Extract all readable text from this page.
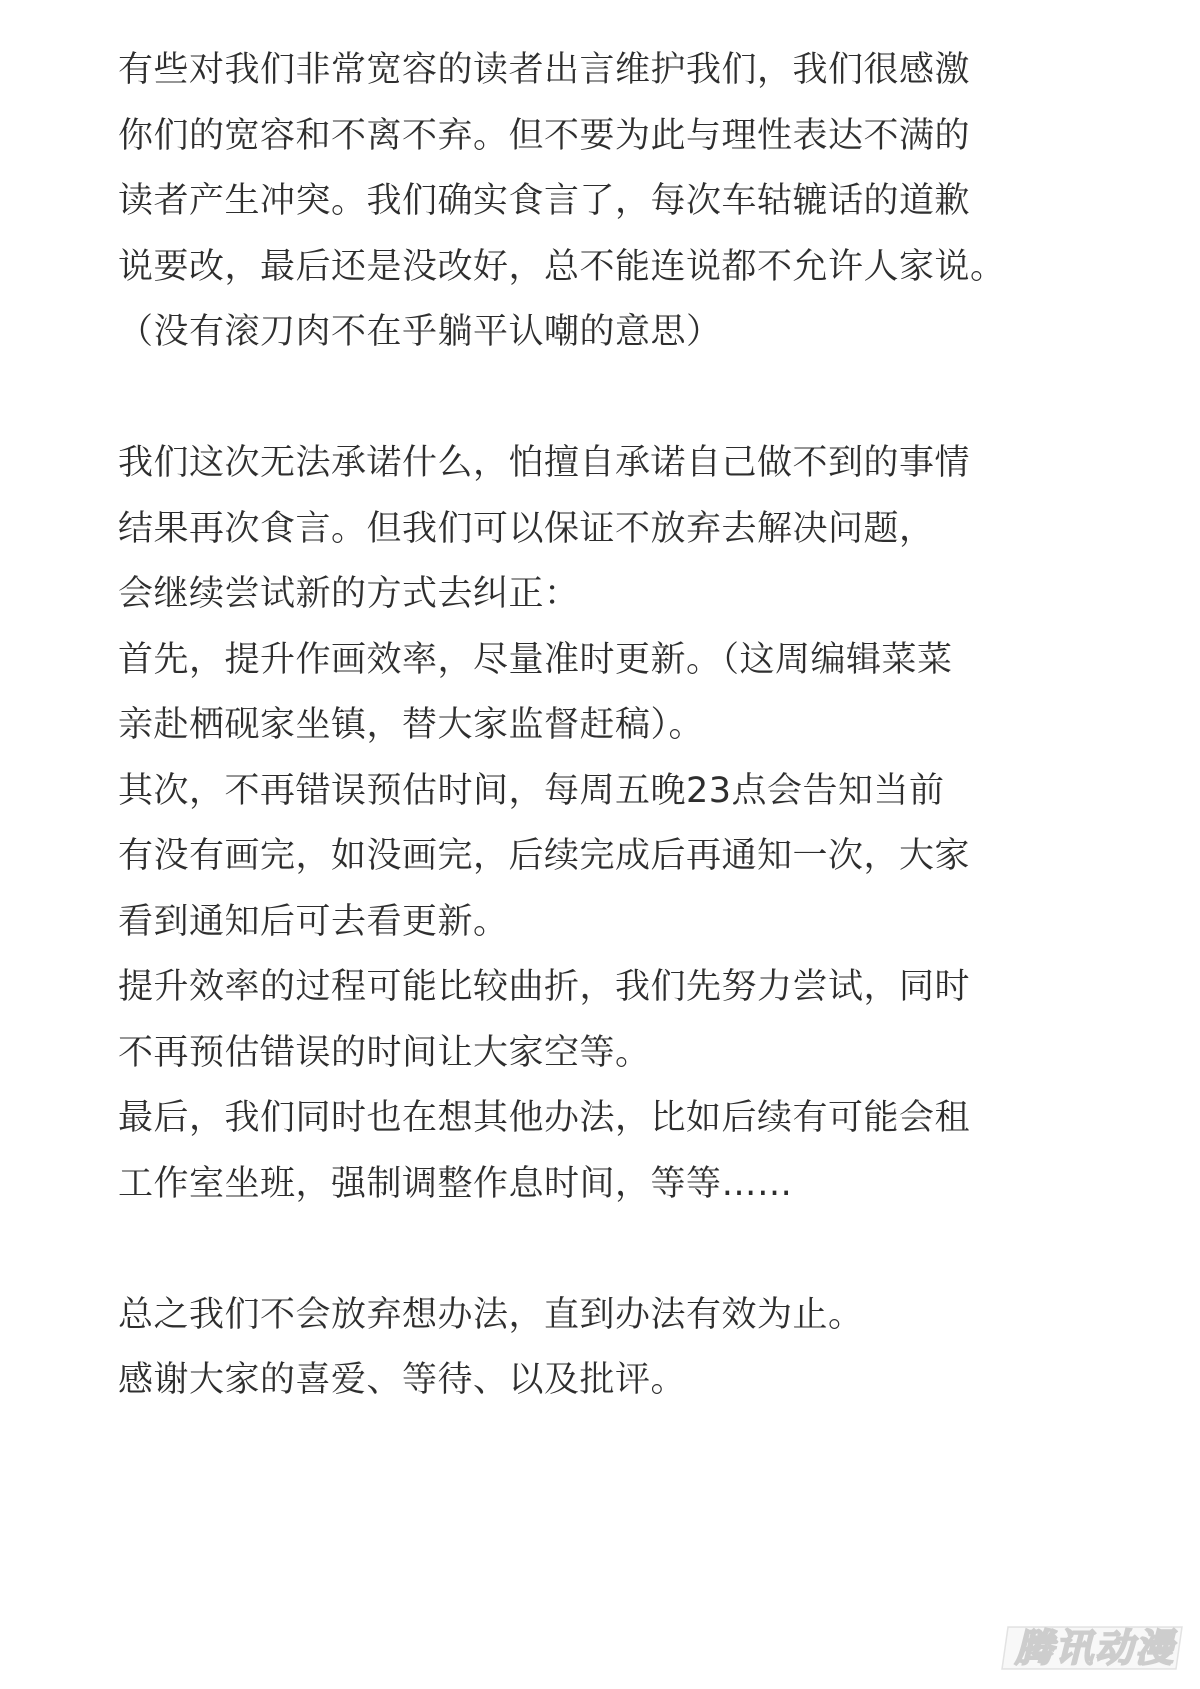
有些对我们非常宽容的读者出言维护我们，我们很感激
你们的宽容和不离不弃。但不要为此与理性表达不满的
读者产生冲突。我们确实食言了，每次车轱辘话的道歉
说要改，最后还是没改好，总不能连说都不允许人家说。
（没有滚刀肉不在乎躺平认嘲的意思）
我们这次无法承诺什么，怕擅自承诺自己做不到的事情
结果再次食言。但我们可以保证不放弃去解决问题，
会继续尝试新的方式去纠正：
首先，提升作画效率，尽量准时更新。（这周编辑菜菜
亲赴栖砚家坐镇，替大家监督赶稿）。
其次，不再错误预估时间，每周五晚23点会告知当前
有没有画完，如没画完，后续完成后再通知一次，大家
看到通知后可去看更新。
提升效率的过程可能比较曲折，我们先努力尝试，同时
不再预估错误的时间让大家空等。
最后，我们同时也在想其他办法，比如后续有可能会租
工作室坐班，强制调整作息时间，等等……
总之我们不会放弃想办法，直到办法有效为止。
感谢大家的喜爱、等待、以及批评。
腾讯动漫
